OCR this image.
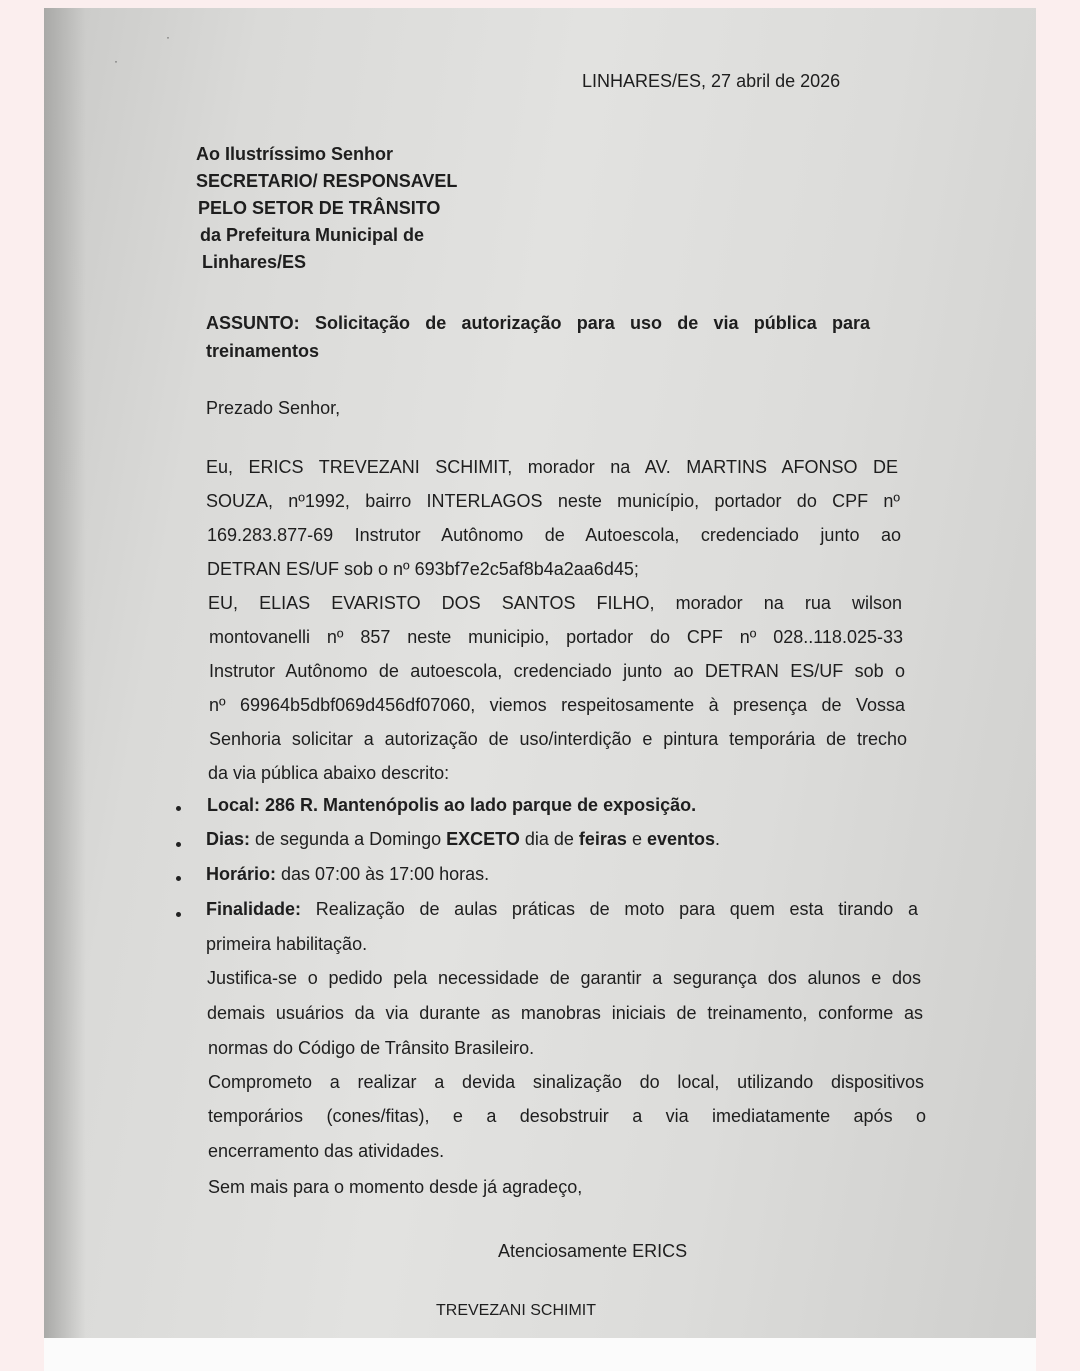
·
·
LINHARES/ES, 27 abril de 2026
Ao Ilustríssimo Senhor
SECRETARIO/ RESPONSAVEL
PELO SETOR DE TRÂNSITO
da Prefeitura Municipal de
Linhares/ES
ASSUNTO: Solicitação de autorização para uso de via pública para
treinamentos
Prezado Senhor,
Eu, ERICS TREVEZANI SCHIMIT, morador na AV. MARTINS AFONSO DE
SOUZA, nº1992, bairro INTERLAGOS neste município, portador do CPF nº
169.283.877-69 Instrutor Autônomo de Autoescola, credenciado junto ao
DETRAN ES/UF sob o nº 693bf7e2c5af8b4a2aa6d45;
EU, ELIAS EVARISTO DOS SANTOS FILHO, morador na rua wilson
montovanelli nº 857 neste municipio, portador do CPF nº 028..118.025-33
Instrutor Autônomo de autoescola, credenciado junto ao DETRAN ES/UF sob o
nº 69964b5dbf069d456df07060, viemos respeitosamente à presença de Vossa
Senhoria solicitar a autorização de uso/interdição e pintura temporária de trecho
da via pública abaixo descrito:
Local: 286 R. Mantenópolis ao lado parque de exposição.
Dias: de segunda a Domingo EXCETO dia de feiras e eventos.
Horário: das 07:00 às 17:00 horas.
Finalidade: Realização de aulas práticas de moto para quem esta tirando a
primeira habilitação.
Justifica-se o pedido pela necessidade de garantir a segurança dos alunos e dos
demais usuários da via durante as manobras iniciais de treinamento, conforme as
normas do Código de Trânsito Brasileiro.
Comprometo a realizar a devida sinalização do local, utilizando dispositivos
temporários (cones/fitas), e a desobstruir a via imediatamente após o
encerramento das atividades.
Sem mais para o momento desde já agradeço,
Atenciosamente ERICS
TREVEZANI SCHIMIT
